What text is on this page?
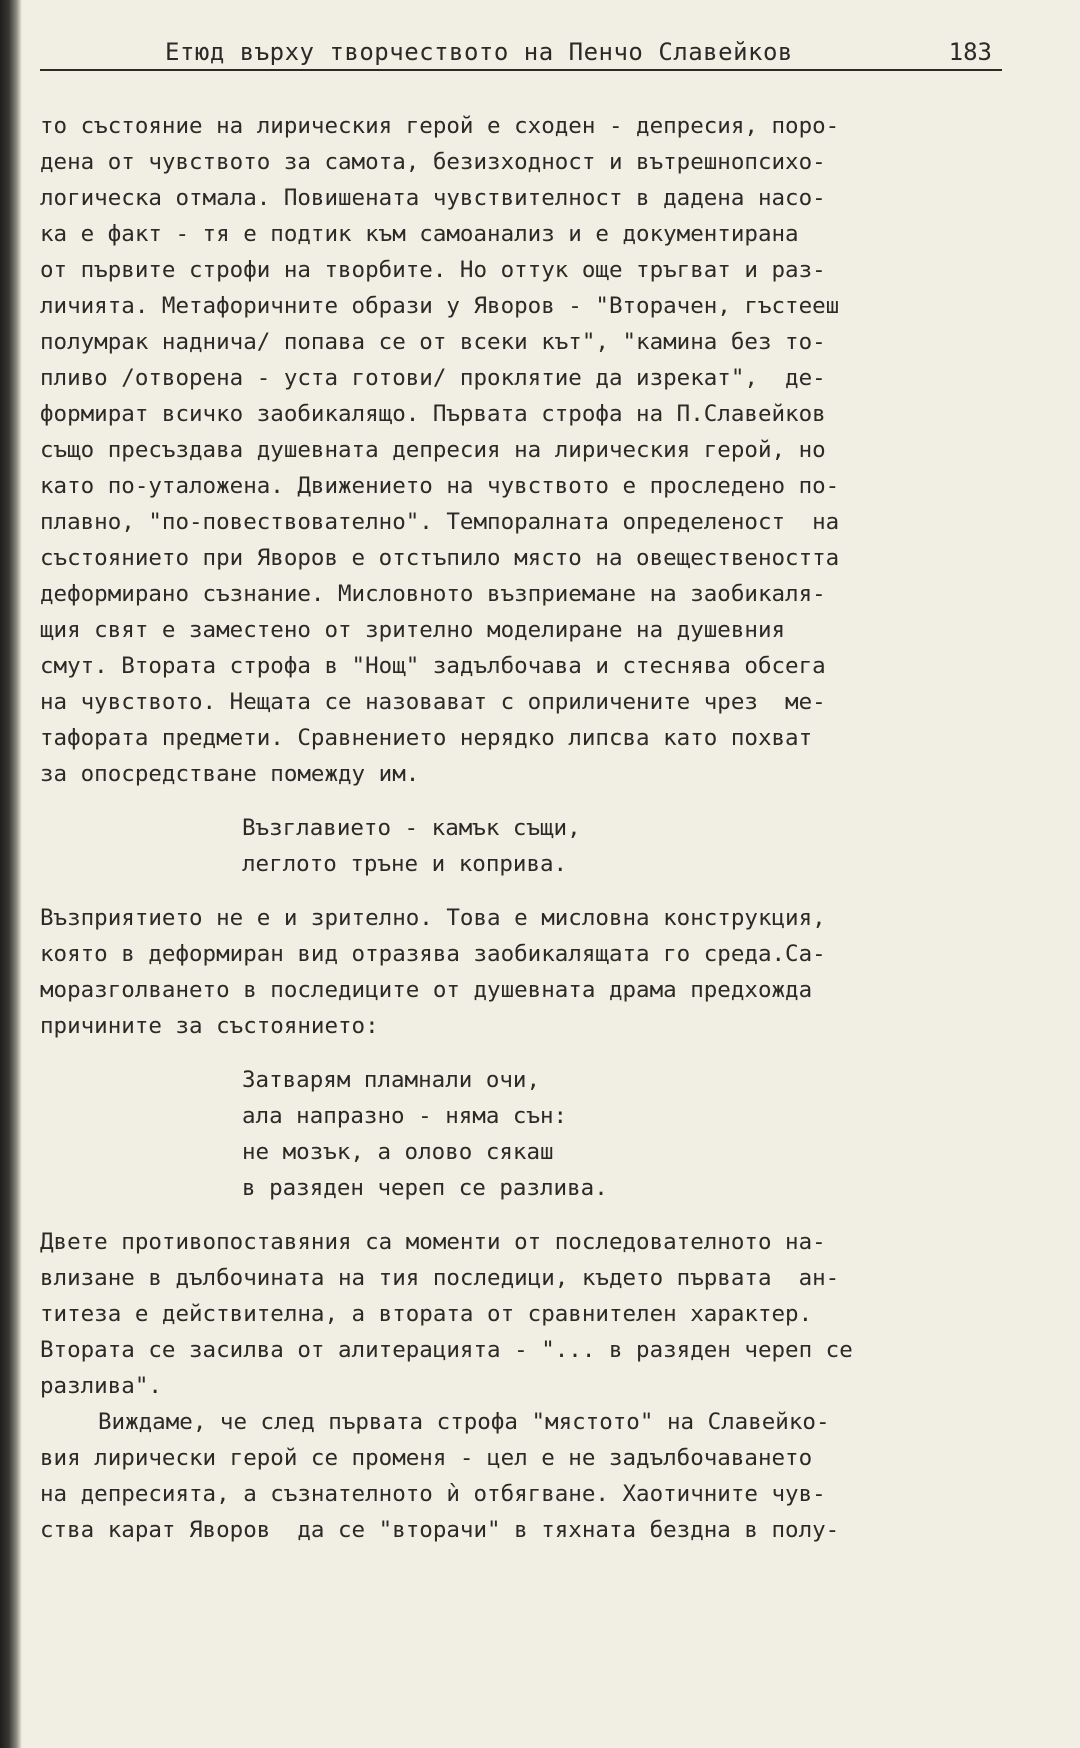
Етюд върху творчеството на Пенчо Славейков	183
то състояние на лирическия герой е сходен - депресия, поро-
дена от чувството за самота, безизходност и вътрешнопсихо-
логическа отмала. Повишената чувствителност в дадена насо-
ка е факт - тя е подтик към самоанализ и е документирана
от първите строфи на творбите. Но оттук още тръгват и раз-
личията. Метафоричните образи у Яворов - "Вторачен, гъстееш
полумрак надничa/ попава се от всеки кът", "камина без то-
пливо /отворена - уста готови/ проклятие да изрекат",  де-
формират всичко заобикалящо. Първата строфа на П.Славейков
също пресъздава душевната депресия на лирическия герой, но
като по-уталожена. Движението на чувството е проследено по-
плавно, "по-повествователно". Темпоралната определеност  на
състоянието при Яворов е отстъпило място на овеществеността
деформирано съзнание. Мисловното възприемане на заобикаля-
щия свят е заместено от зрително моделиране на душевния
смут. Втората строфа в "Нощ" задълбочава и стеснява обсега
на чувството. Нещата се назовават с оприличените чрез  ме-
тафората предмети. Сравнението нерядко липсва като похват
за опосредстване помежду им.
Възглавието - камък същи,
леглото тръне и коприва.
Възприятието не е и зрително. Това е мисловна конструкция,
която в деформиран вид отразява заобикалящата го среда.Са-
моразголването в последиците от душевната драма предхожда
причините за състоянието:
Затварям пламнали очи,
ала напразно - няма сън:
не мозък, а олово сякаш
в разяден череп се разлива.
Двете противопоставяния са моменти от последователното на-
влизане в дълбочината на тия последици, където първата  ан-
титеза е действителна, а втората от сравнителен характер.
Втората се засилва от алитерацията - "... в разяден череп се
разлива".
Виждаме, че след първата строфа "мястото" на Славейко-
вия лирически герой се променя - цел е не задълбочаването
на депресията, а съзнателното ѝ отбягване. Хаотичните чув-
ства карат Яворов  да се "вторачи" в тяхната бездна в полу-
